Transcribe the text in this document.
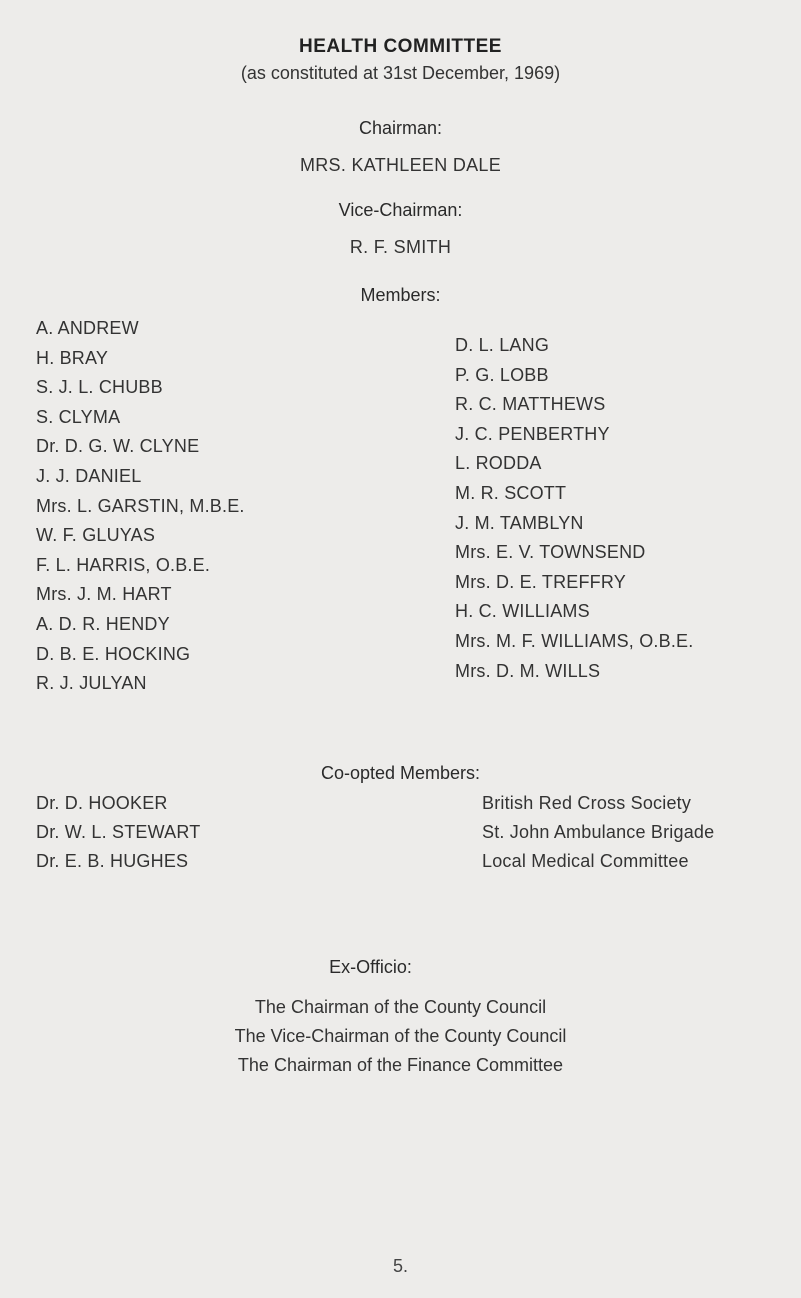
HEALTH COMMITTEE
(as constituted at 31st December, 1969)
Chairman:
MRS. KATHLEEN DALE
Vice-Chairman:
R. F. SMITH
Members:
A. ANDREW
H. BRAY
S. J. L. CHUBB
S. CLYMA
Dr. D. G. W. CLYNE
J. J. DANIEL
Mrs. L. GARSTIN, M.B.E.
W. F. GLUYAS
F. L. HARRIS, O.B.E.
Mrs. J. M. HART
A. D. R. HENDY
D. B. E. HOCKING
R. J. JULYAN
D. L. LANG
P. G. LOBB
R. C. MATTHEWS
J. C. PENBERTHY
L. RODDA
M. R. SCOTT
J. M. TAMBLYN
Mrs. E. V. TOWNSEND
Mrs. D. E. TREFFRY
H. C. WILLIAMS
Mrs. M. F. WILLIAMS, O.B.E.
Mrs. D. M. WILLS
Co-opted Members:
Dr. D. HOOKER
Dr. W. L. STEWART
Dr. E. B. HUGHES
British Red Cross Society
St. John Ambulance Brigade
Local Medical Committee
Ex-Officio:
The Chairman of the County Council
The Vice-Chairman of the County Council
The Chairman of the Finance Committee
5.
